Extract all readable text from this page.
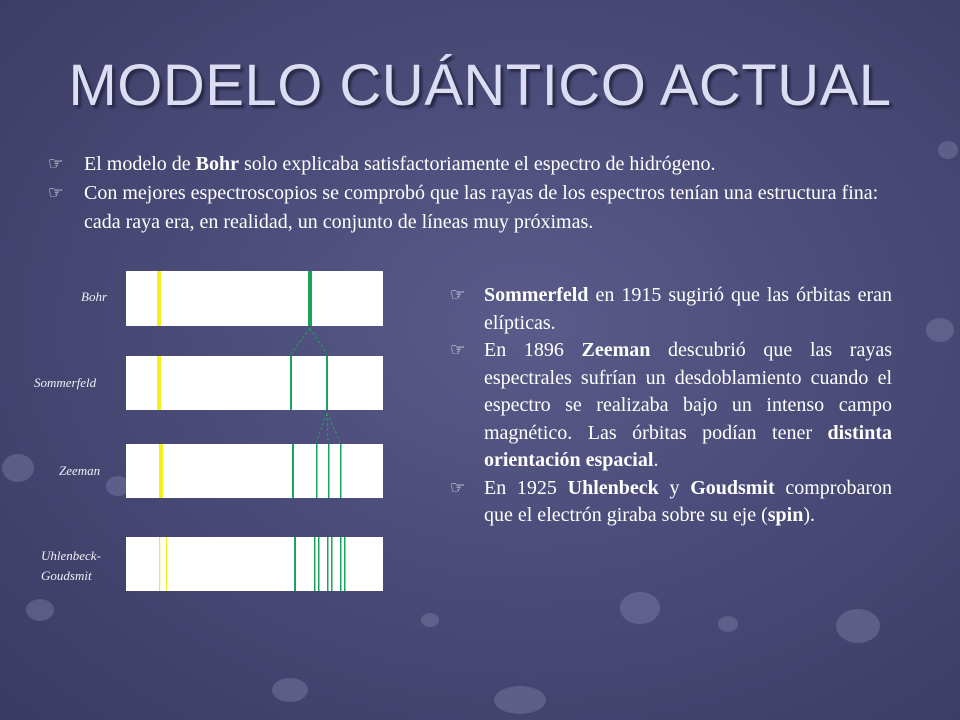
MODELO CUÁNTICO ACTUAL
☞	El modelo de Bohr solo explicaba satisfactoriamente el espectro de hidrógeno.
☞	Con mejores espectroscopios se comprobó que las rayas de los espectros tenían una estructura fina: cada raya era, en realidad, un conjunto de líneas muy próximas.
Bohr
Sommerfeld
Zeeman
Uhlenbeck-
Goudsmit
☞ Sommerfeld en 1915 sugirió que las órbitas eran elípticas.
☞ En 1896 Zeeman descubrió que las rayas espectrales sufrían un desdoblamiento cuando el espectro se realizaba bajo un intenso campo magnético. Las órbitas podían tener distinta orientación espacial.
☞ En 1925 Uhlenbeck y Goudsmit comprobaron que el electrón giraba sobre su eje (spin).
